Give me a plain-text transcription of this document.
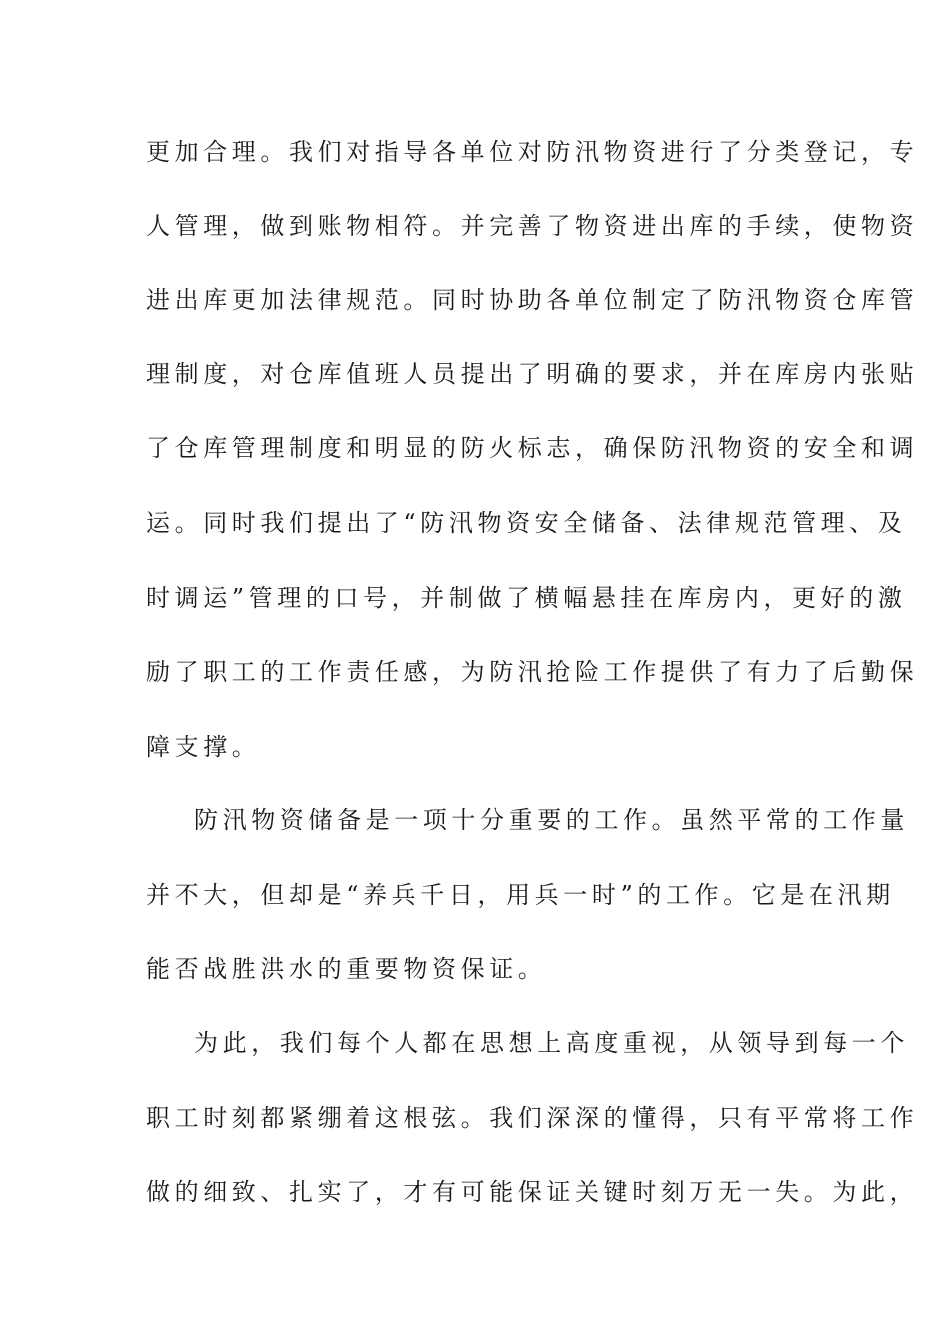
更加合理。我们对指导各单位对防汛物资进行了分类登记，专
人管理，做到账物相符。并完善了物资进出库的手续，使物资
进出库更加法律规范。同时协助各单位制定了防汛物资仓库管
理制度，对仓库值班人员提出了明确的要求，并在库房内张贴
了仓库管理制度和明显的防火标志，确保防汛物资的安全和调
运。同时我们提出了“防汛物资安全储备、法律规范管理、及
时调运”管理的口号，并制做了横幅悬挂在库房内，更好的激
励了职工的工作责任感，为防汛抢险工作提供了有力了后勤保
障支撑。
防汛物资储备是一项十分重要的工作。虽然平常的工作量
并不大，但却是“养兵千日，用兵一时”的工作。它是在汛期
能否战胜洪水的重要物资保证。
为此，我们每个人都在思想上高度重视，从领导到每一个
职工时刻都紧绷着这根弦。我们深深的懂得，只有平常将工作
做的细致、扎实了，才有可能保证关键时刻万无一失。为此，
